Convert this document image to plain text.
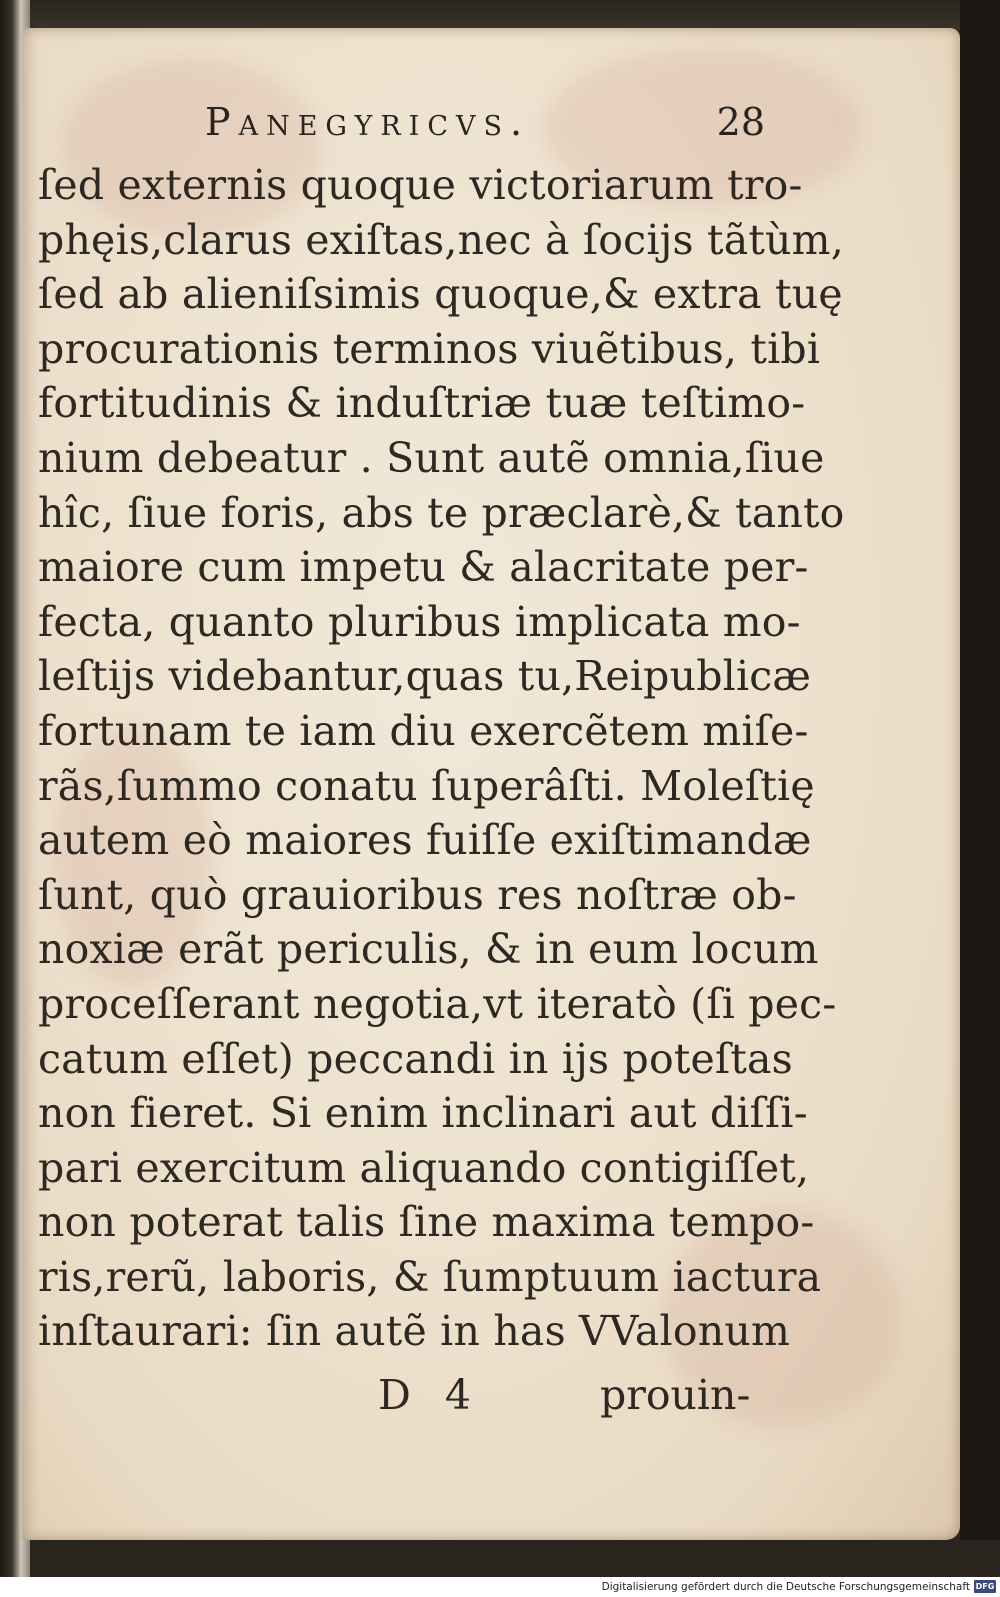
Panegyricvs.	28
ſed externis quoque victoriarum tro-
phęis,clarus exiſtas,nec à ſocijs tãtùm,
ſed ab alieniſsimis quoque,& extra tuę
procurationis terminos viuẽtibus, tibi
fortitudinis & induſtriæ tuæ teſtimo-
nium debeatur . Sunt autẽ omnia,ſiue
hîc, ſiue foris, abs te præclarè,& tanto
maiore cum impetu & alacritate per-
fecta, quanto pluribus implicata mo-
leſtijs videbantur,quas tu,Reipublicæ
fortunam te iam diu exercẽtem miſe-
rãs,ſummo conatu ſuperâſti. Moleſtię
autem eò maiores fuiſſe exiſtimandæ
ſunt, quò grauioribus res noſtræ ob-
noxiæ erãt periculis, & in eum locum
proceſſerant negotia,vt iteratò (ſi pec-
catum eſſet) peccandi in ijs poteſtas
non fieret. Si enim inclinari aut diſſi-
pari exercitum aliquando contigiſſet,
non poterat talis ſine maxima tempo-
ris,rerũ, laboris, & ſumptuum iactura
inſtaurari: ſin autẽ in has VValonum
D 4	prouin-
Digitalisierung gefördert durch die Deutsche Forschungsgemeinschaft DFG
